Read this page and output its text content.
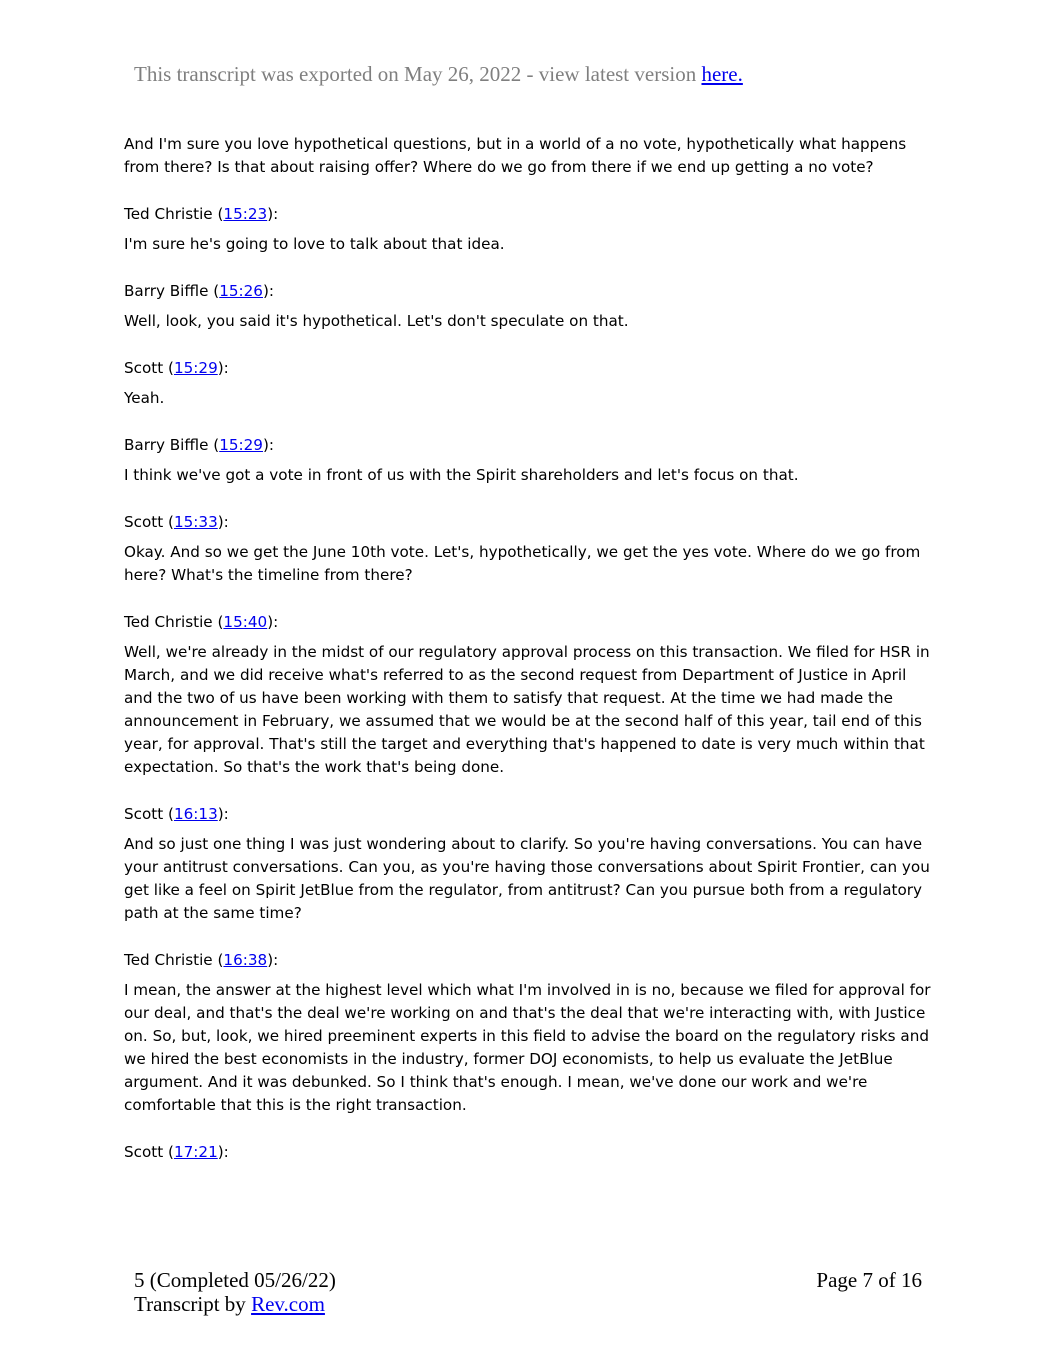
This transcript was exported on May 26, 2022 - view latest version here.

And I'm sure you love hypothetical questions, but in a world of a no vote, hypothetically what happens from there? Is that about raising offer? Where do we go from there if we end up getting a no vote?

Ted Christie (15:23):

I'm sure he's going to love to talk about that idea.

Barry Biffle (15:26):

Well, look, you said it's hypothetical. Let's don't speculate on that.

Scott (15:29):

Yeah.

Barry Biffle (15:29):

I think we've got a vote in front of us with the Spirit shareholders and let's focus on that.

Scott (15:33):

Okay. And so we get the June 10th vote. Let's, hypothetically, we get the yes vote. Where do we go from here? What's the timeline from there?

Ted Christie (15:40):

Well, we're already in the midst of our regulatory approval process on this transaction. We filed for HSR in March, and we did receive what's referred to as the second request from Department of Justice in April and the two of us have been working with them to satisfy that request. At the time we had made the announcement in February, we assumed that we would be at the second half of this year, tail end of this year, for approval. That's still the target and everything that's happened to date is very much within that expectation. So that's the work that's being done.

Scott (16:13):

And so just one thing I was just wondering about to clarify. So you're having conversations. You can have your antitrust conversations. Can you, as you're having those conversations about Spirit Frontier, can you get like a feel on Spirit JetBlue from the regulator, from antitrust? Can you pursue both from a regulatory path at the same time?

Ted Christie (16:38):

I mean, the answer at the highest level which what I'm involved in is no, because we filed for approval for our deal, and that's the deal we're working on and that's the deal that we're interacting with, with Justice on. So, but, look, we hired preeminent experts in this field to advise the board on the regulatory risks and we hired the best economists in the industry, former DOJ economists, to help us evaluate the JetBlue argument. And it was debunked. So I think that's enough. I mean, we've done our work and we're comfortable that this is the right transaction.

Scott (17:21):

5 (Completed 05/26/22)
Transcript by Rev.com
Page 7 of 16
